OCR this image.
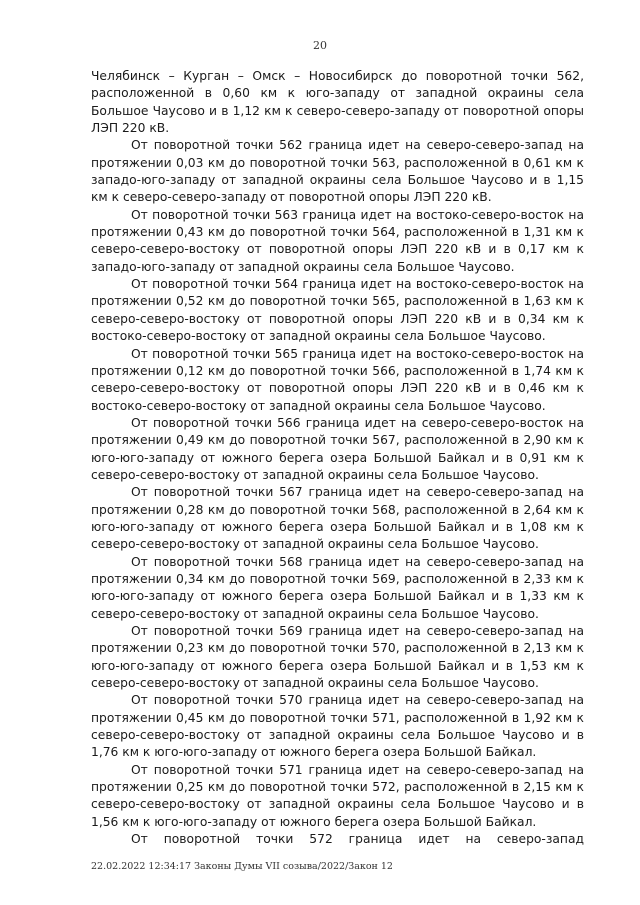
20

Челябинск – Курган – Омск – Новосибирск до поворотной точки 562, расположенной в 0,60 км к юго-западу от западной окраины села Большое Чаусово и в 1,12 км к северо-северо-западу от поворотной опоры ЛЭП 220 кВ.

От поворотной точки 562 граница идет на северо-северо-запад на протяжении 0,03 км до поворотной точки 563, расположенной в 0,61 км к западо-юго-западу от западной окраины села Большое Чаусово и в 1,15 км к северо-северо-западу от поворотной опоры ЛЭП 220 кВ.

От поворотной точки 563 граница идет на востоко-северо-восток на протяжении 0,43 км до поворотной точки 564, расположенной в 1,31 км к северо-северо-востоку от поворотной опоры ЛЭП 220 кВ и в 0,17 км к западо-юго-западу от западной окраины села Большое Чаусово.

От поворотной точки 564 граница идет на востоко-северо-восток на протяжении 0,52 км до поворотной точки 565, расположенной в 1,63 км к северо-северо-востоку от поворотной опоры ЛЭП 220 кВ и в 0,34 км к востоко-северо-востоку от западной окраины села Большое Чаусово.

От поворотной точки 565 граница идет на востоко-северо-восток на протяжении 0,12 км до поворотной точки 566, расположенной в 1,74 км к северо-северо-востоку от поворотной опоры ЛЭП 220 кВ и в 0,46 км к востоко-северо-востоку от западной окраины села Большое Чаусово.

От поворотной точки 566 граница идет на северо-северо-восток на протяжении 0,49 км до поворотной точки 567, расположенной в 2,90 км к юго-юго-западу от южного берега озера Большой Байкал и в 0,91 км к северо-северо-востоку от западной окраины села Большое Чаусово.

От поворотной точки 567 граница идет на северо-северо-запад на протяжении 0,28 км до поворотной точки 568, расположенной в 2,64 км к юго-юго-западу от южного берега озера Большой Байкал и в 1,08 км к северо-северо-востоку от западной окраины села Большое Чаусово.

От поворотной точки 568 граница идет на северо-северо-запад на протяжении 0,34 км до поворотной точки 569, расположенной в 2,33 км к юго-юго-западу от южного берега озера Большой Байкал и в 1,33 км к северо-северо-востоку от западной окраины села Большое Чаусово.

От поворотной точки 569 граница идет на северо-северо-запад на протяжении 0,23 км до поворотной точки 570, расположенной в 2,13 км к юго-юго-западу от южного берега озера Большой Байкал и в 1,53 км к северо-северо-востоку от западной окраины села Большое Чаусово.

От поворотной точки 570 граница идет на северо-северо-запад на протяжении 0,45 км до поворотной точки 571, расположенной в 1,92 км к северо-северо-востоку от западной окраины села Большое Чаусово и в 1,76 км к юго-юго-западу от южного берега озера Большой Байкал.

От поворотной точки 571 граница идет на северо-северо-запад на протяжении 0,25 км до поворотной точки 572, расположенной в 2,15 км к северо-северо-востоку от западной окраины села Большое Чаусово и в 1,56 км к юго-юго-западу от южного берега озера Большой Байкал.

От поворотной точки 572 граница идет на северо-запад

22.02.2022 12:34:17 Законы Думы VII созыва/2022/Закон 12
